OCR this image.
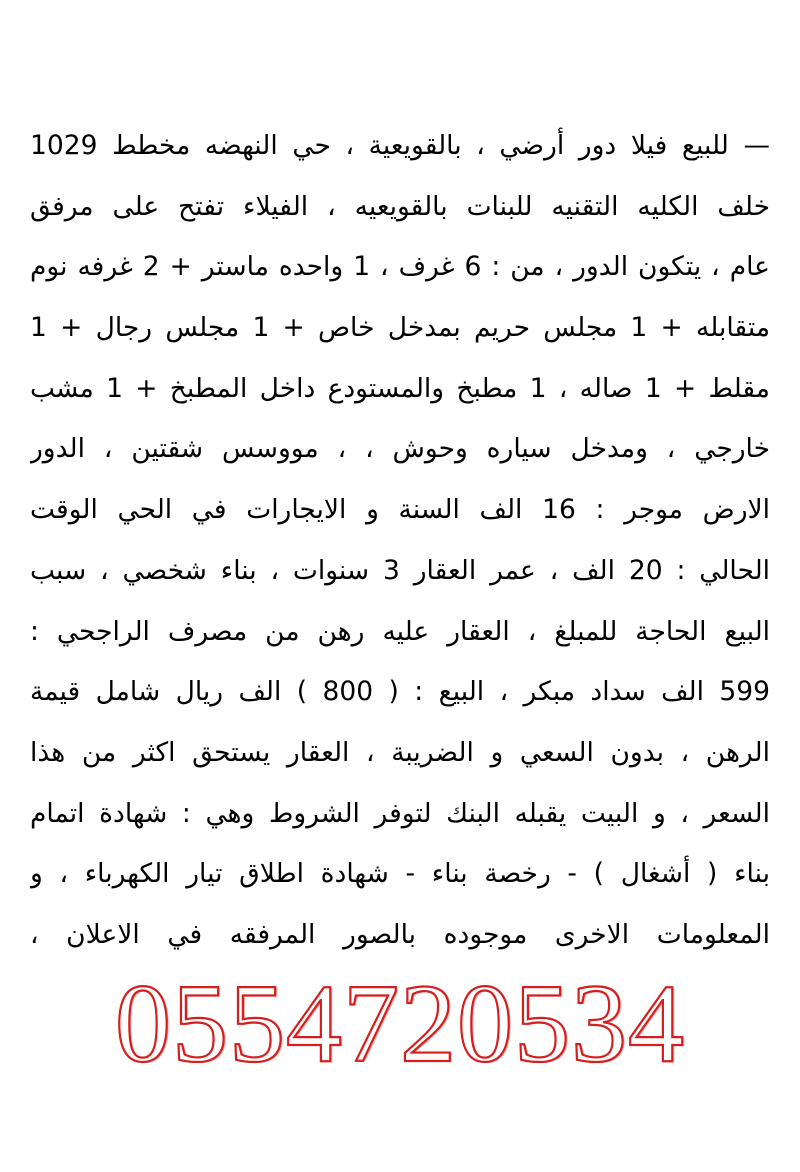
— للبيع فيلا دور أرضي ، بالقويعية ، حي النهضه مخطط 1029
خلف الكليه التقنيه للبنات بالقويعيه ، الفيلاء تفتح على مرفق
عام ، يتكون الدور ، من : 6 غرف ، 1 واحده ماستر + 2 غرفه نوم
متقابله + 1 مجلس حريم بمدخل خاص + 1 مجلس رجال + 1
مقلط + 1 صاله ، 1 مطبخ والمستودع داخل المطبخ + 1 مشب
خارجي ، ومدخل سياره وحوش ، ، مووسس شقتين ، الدور
الارض موجر : 16 الف السنة و الايجارات في الحي الوقت
الحالي : 20 الف ، عمر العقار 3 سنوات ، بناء شخصي ، سبب
البيع الحاجة للمبلغ ، العقار عليه رهن من مصرف الراجحي :
599 الف سداد مبكر ، البيع : ( 800 ) الف ريال شامل قيمة
الرهن ، بدون السعي و الضريبة ، العقار يستحق اكثر من هذا
السعر ، و البيت يقبله البنك لتوفر الشروط وهي : شهادة اتمام
بناء ( أشغال ) - رخصة بناء - شهادة اطلاق تيار الكهرباء ، و
المعلومات الاخرى موجوده بالصور المرفقه في الاعلان ،
0554720534
